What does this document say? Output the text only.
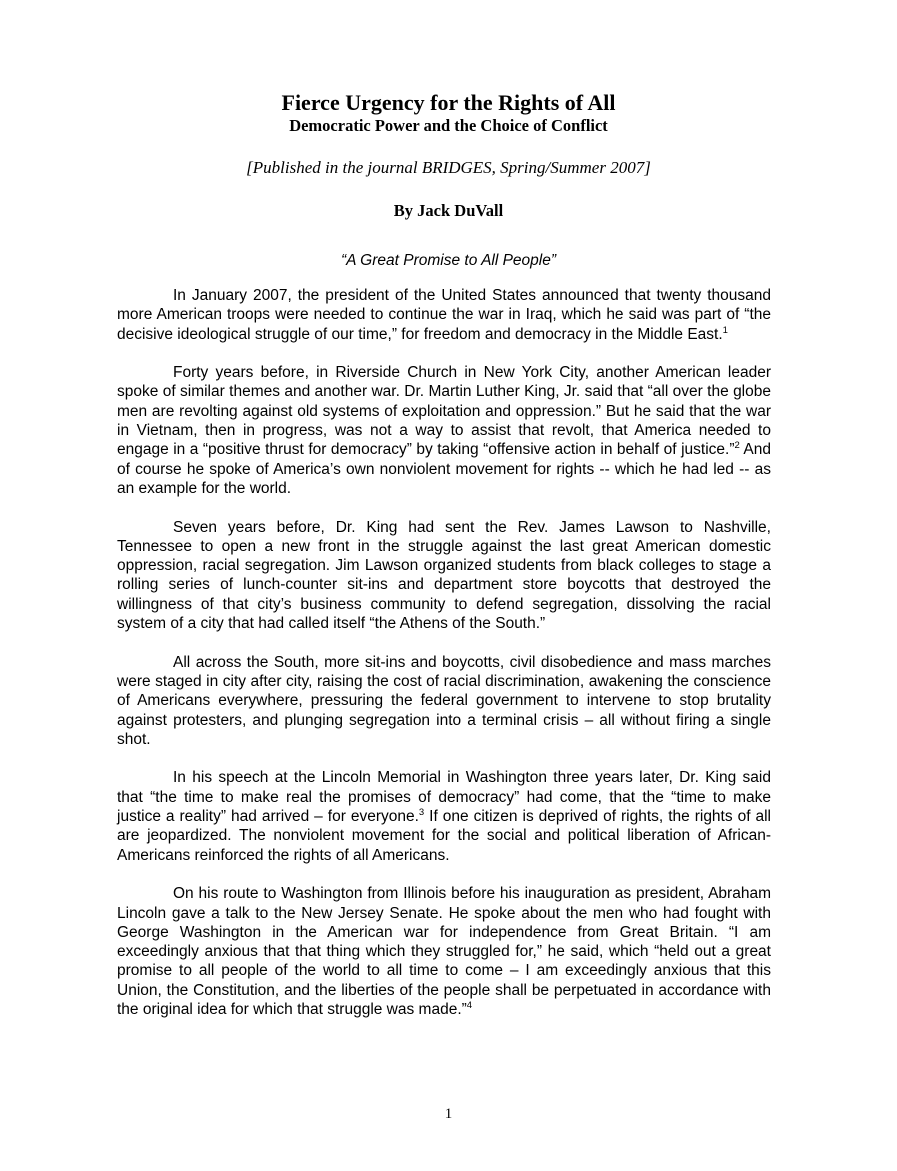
Fierce Urgency for the Rights of All
Democratic Power and the Choice of Conflict
[Published in the journal BRIDGES, Spring/Summer 2007]
By Jack DuVall
“A Great Promise to All People”

In January 2007, the president of the United States announced that twenty thousand more American troops were needed to continue the war in Iraq, which he said was part of “the decisive ideological struggle of our time,” for freedom and democracy in the Middle East.$^1$

Forty years before, in Riverside Church in New York City, another American leader spoke of similar themes and another war. Dr. Martin Luther King, Jr. said that “all over the globe men are revolting against old systems of exploitation and oppression.” But he said that the war in Vietnam, then in progress, was not a way to assist that revolt, that America needed to engage in a “positive thrust for democracy” by taking “offensive action in behalf of justice.”$^2$ And of course he spoke of America’s own nonviolent movement for rights -- which he had led -- as an example for the world.

Seven years before, Dr. King had sent the Rev. James Lawson to Nashville, Tennessee to open a new front in the struggle against the last great American domestic oppression, racial segregation. Jim Lawson organized students from black colleges to stage a rolling series of lunch-counter sit-ins and department store boycotts that destroyed the willingness of that city’s business community to defend segregation, dissolving the racial system of a city that had called itself “the Athens of the South.”

All across the South, more sit-ins and boycotts, civil disobedience and mass marches were staged in city after city, raising the cost of racial discrimination, awakening the conscience of Americans everywhere, pressuring the federal government to intervene to stop brutality against protesters, and plunging segregation into a terminal crisis – all without firing a single shot.

In his speech at the Lincoln Memorial in Washington three years later, Dr. King said that “the time to make real the promises of democracy” had come, that the “time to make justice a reality” had arrived – for everyone.$^3$ If one citizen is deprived of rights, the rights of all are jeopardized. The nonviolent movement for the social and political liberation of African-Americans reinforced the rights of all Americans.

On his route to Washington from Illinois before his inauguration as president, Abraham Lincoln gave a talk to the New Jersey Senate. He spoke about the men who had fought with George Washington in the American war for independence from Great Britain. “I am exceedingly anxious that that thing which they struggled for,” he said, which “held out a great promise to all people of the world to all time to come – I am exceedingly anxious that this Union, the Constitution, and the liberties of the people shall be perpetuated in accordance with the original idea for which that struggle was made.”$^4$

1
